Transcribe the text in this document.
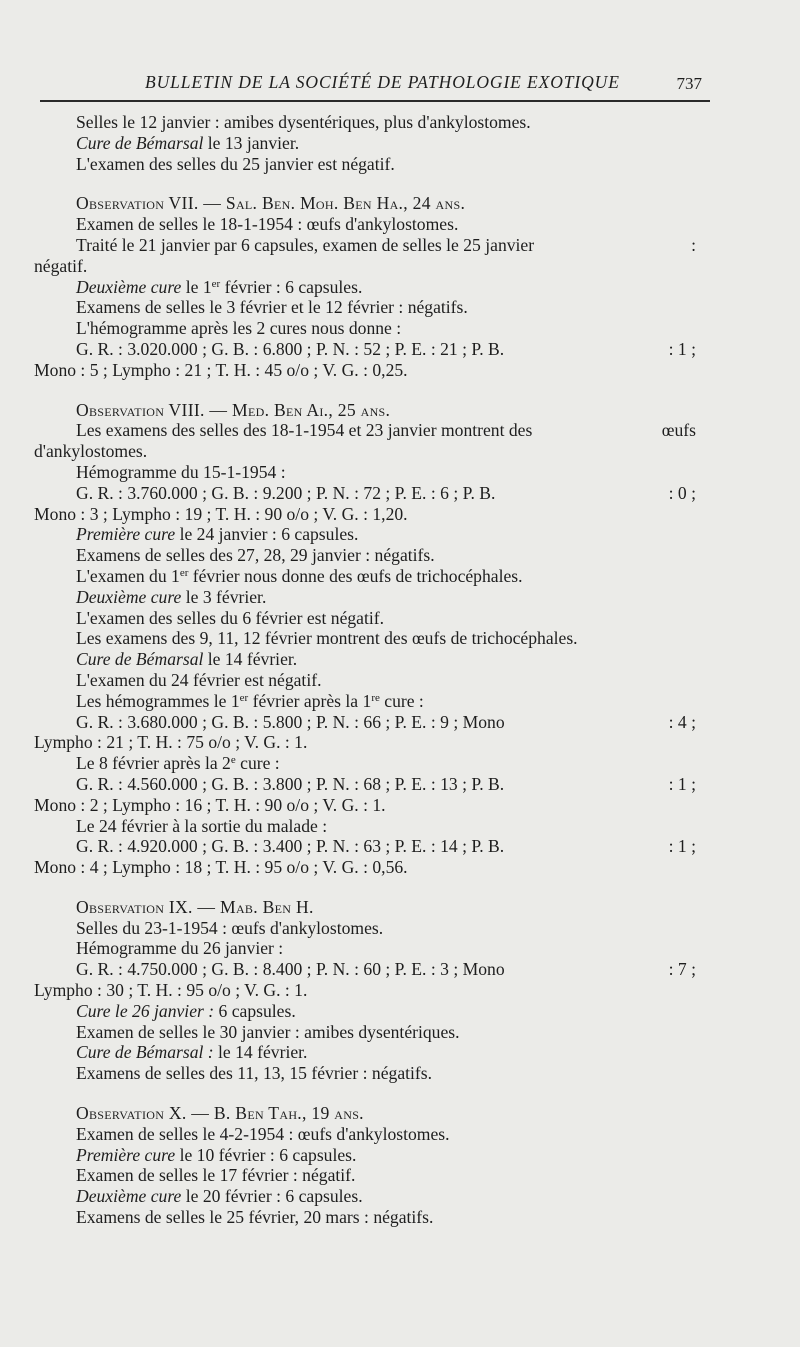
BULLETIN DE LA SOCIÉTÉ DE PATHOLOGIE EXOTIQUE	737
Selles le 12 janvier : amibes dysentériques, plus d'ankylostomes.
Cure de Bémarsal le 13 janvier.
L'examen des selles du 25 janvier est négatif.
Observation VII. — Sal. Ben. Moh. Ben Ha., 24 ans.
Examen de selles le 18-1-1954 : œufs d'ankylostomes.
Traité le 21 janvier par 6 capsules, examen de selles le 25 janvier	:
négatif.
Deuxième cure le 1er février : 6 capsules.
Examens de selles le 3 février et le 12 février : négatifs.
L'hémogramme après les 2 cures nous donne :
G. R. : 3.020.000 ; G. B. : 6.800 ; P. N. : 52 ; P. E. : 21 ; P. B.	: 1 ;
Mono : 5 ; Lympho : 21 ; T. H. : 45 o/o ; V. G. : 0,25.
Observation VIII. — Med. Ben Ai., 25 ans.
Les examens des selles des 18-1-1954 et 23 janvier montrent des	œufs
d'ankylostomes.
Hémogramme du 15-1-1954 :
G. R. : 3.760.000 ; G. B. : 9.200 ; P. N. : 72 ; P. E. : 6 ; P. B.	: 0 ;
Mono : 3 ; Lympho : 19 ; T. H. : 90 o/o ; V. G. : 1,20.
Première cure le 24 janvier : 6 capsules.
Examens de selles des 27, 28, 29 janvier : négatifs.
L'examen du 1er février nous donne des œufs de trichocéphales.
Deuxième cure le 3 février.
L'examen des selles du 6 février est négatif.
Les examens des 9, 11, 12 février montrent des œufs de trichocéphales.
Cure de Bémarsal le 14 février.
L'examen du 24 février est négatif.
Les hémogrammes le 1er février après la 1re cure :
G. R. : 3.680.000 ; G. B. : 5.800 ; P. N. : 66 ; P. E. : 9 ; Mono	: 4 ;
Lympho : 21 ; T. H. : 75 o/o ; V. G. : 1.
Le 8 février après la 2e cure :
G. R. : 4.560.000 ; G. B. : 3.800 ; P. N. : 68 ; P. E. : 13 ; P. B.	: 1 ;
Mono : 2 ; Lympho : 16 ; T. H. : 90 o/o ; V. G. : 1.
Le 24 février à la sortie du malade :
G. R. : 4.920.000 ; G. B. : 3.400 ; P. N. : 63 ; P. E. : 14 ; P. B.	: 1 ;
Mono : 4 ; Lympho : 18 ; T. H. : 95 o/o ; V. G. : 0,56.
Observation IX. — Mab. Ben H.
Selles du 23-1-1954 : œufs d'ankylostomes.
Hémogramme du 26 janvier :
G. R. : 4.750.000 ; G. B. : 8.400 ; P. N. : 60 ; P. E. : 3 ; Mono	: 7 ;
Lympho : 30 ; T. H. : 95 o/o ; V. G. : 1.
Cure le 26 janvier : 6 capsules.
Examen de selles le 30 janvier : amibes dysentériques.
Cure de Bémarsal : le 14 février.
Examens de selles des 11, 13, 15 février : négatifs.
Observation X. — B. Ben Tah., 19 ans.
Examen de selles le 4-2-1954 : œufs d'ankylostomes.
Première cure le 10 février : 6 capsules.
Examen de selles le 17 février : négatif.
Deuxième cure le 20 février : 6 capsules.
Examens de selles le 25 février, 20 mars : négatifs.
